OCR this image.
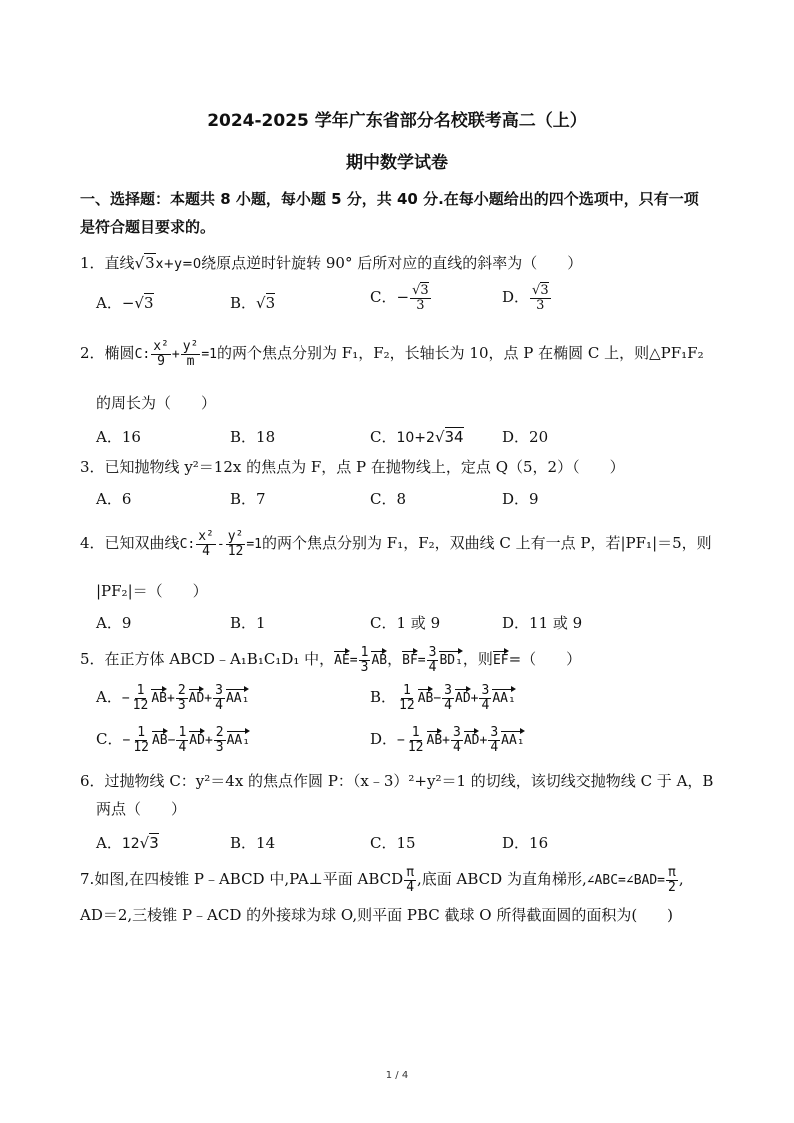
2024-2025 学年广东省部分名校联考高二（上）
期中数学试卷
一、选择题：本题共 8 小题，每小题 5 分，共 40 分.在每小题给出的四个选项中，只有一项
是符合题目要求的。
1．直线√3x+y=0绕原点逆时针旋转 90° 后所对应的直线的斜率为（　　）
A．−√3	B．√3	C．− $\frac{√3}{3}$	D． $\frac{√3}{3}$
2．椭圆C: $\frac{\text{x²}}{9} + \frac{\text{y²}}{m} =1$的两个焦点分别为 F₁，F₂，长轴长为 10，点 P 在椭圆 C 上，则△PF₁F₂
的周长为（　　）
A．16	B．18	C．10+2√34	D．20
3．已知抛物线 y²＝12x 的焦点为 F，点 P 在抛物线上，定点 Q（5，2）（　　）
A．6	B．7	C．8	D．9
4．已知双曲线C: $\frac{\text{x²}}{4} - \frac{\text{y²}}{12} =1$的两个焦点分别为 F₁，F₂，双曲线 C 上有一点 P，若|PF₁|＝5，则
|PF₂|＝（　　）
A．9	B．1	C．1 或 9	D．11 或 9
5．在正方体 ABCD﹣A₁B₁C₁D₁ 中，$AE= \frac{1}{3}$ AB，$BF= \frac{3}{4} BD_1$，则EF=（　　）
A．− $\frac{1}{12} AB+ \frac{2}{3} AD+ \frac{3}{4} AA_1$	B． $\frac{1}{12} AB- \frac{3}{4} AD+ \frac{3}{4} AA_1$
C．− $\frac{1}{12} AB- \frac{1}{4} AD+ \frac{2}{3} AA_1$	D．− $\frac{1}{12} AB+ \frac{3}{4} AD+ \frac{3}{4} AA_1$
6．过抛物线 C：y²＝4x 的焦点作圆 P：（x﹣3）²+y²＝1 的切线，该切线交抛物线 C 于 A，B
两点（　　）
A．12√3	B．14	C．15	D．16
7.如图,在四棱锥 P﹣ABCD 中,PA⊥平面 ABCD $\frac{\pi}{4}$ ,底面 ABCD 为直角梯形,∠ABC=∠BAD= $\frac{\pi}{2}$ ,
AD＝2,三棱锥 P﹣ACD 的外接球为球 O,则平面 PBC 截球 O 所得截面圆的面积为(　　)
1 / 4
